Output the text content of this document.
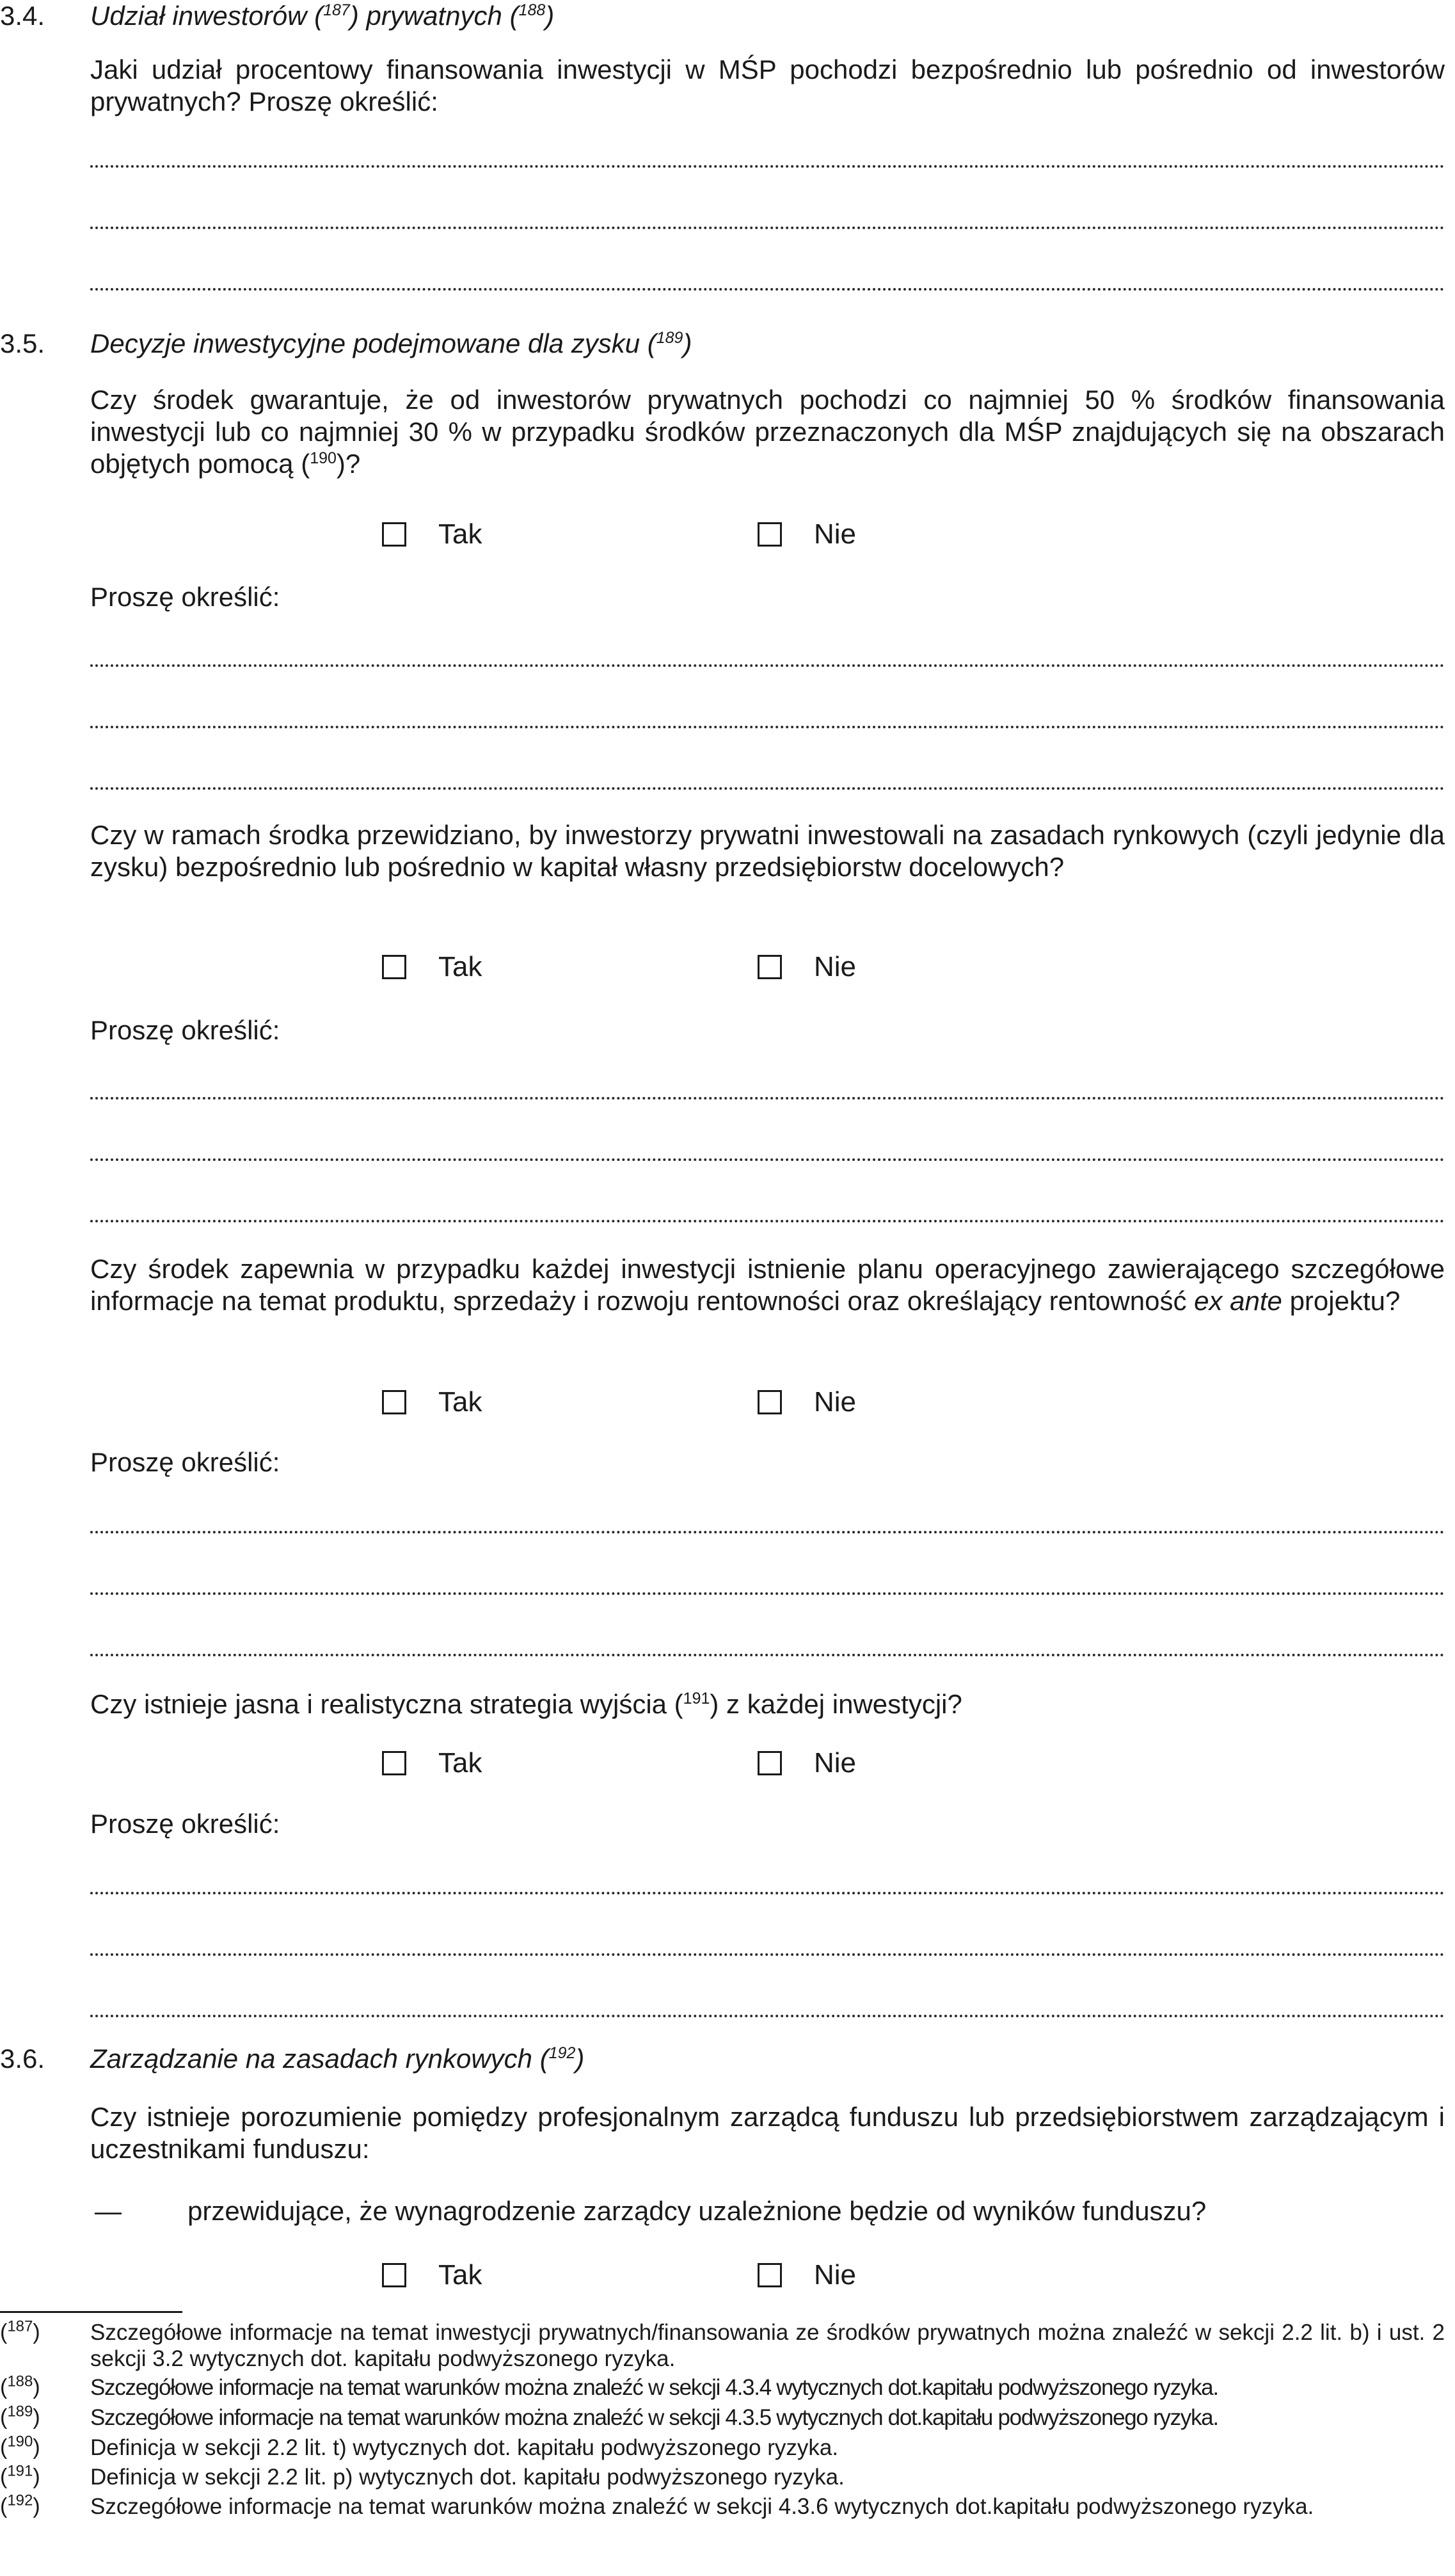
3.4. Udział inwestorów ($^{187}$) prywatnych ($^{188}$)
Jaki udział procentowy finansowania inwestycji w MŚP pochodzi bezpośrednio lub pośrednio od inwestorów prywatnych? Proszę określić:
3.5. Decyzje inwestycyjne podejmowane dla zysku ($^{189}$)
Czy środek gwarantuje, że od inwestorów prywatnych pochodzi co najmniej 50 % środków finansowania inwestycji lub co najmniej 30 % w przypadku środków przeznaczonych dla MŚP znajdujących się na obszarach objętych pomocą ($^{190}$)?
Tak	Nie
Proszę określić:
Czy w ramach środka przewidziano, by inwestorzy prywatni inwestowali na zasadach rynkowych (czyli jedynie dla zysku) bezpośrednio lub pośrednio w kapitał własny przedsiębiorstw docelowych?
Tak	Nie
Proszę określić:
Czy środek zapewnia w przypadku każdej inwestycji istnienie planu operacyjnego zawierającego szczegółowe informacje na temat produktu, sprzedaży i rozwoju rentowności oraz określający rentowność ex ante projektu?
Tak	Nie
Proszę określić:
Czy istnieje jasna i realistyczna strategia wyjścia ($^{191}$) z każdej inwestycji?
Tak	Nie
Proszę określić:
3.6. Zarządzanie na zasadach rynkowych ($^{192}$)
Czy istnieje porozumienie pomiędzy profesjonalnym zarządcą funduszu lub przedsiębiorstwem zarządzającym i uczestnikami funduszu:
— przewidujące, że wynagrodzenie zarządcy uzależnione będzie od wyników funduszu?
Tak	Nie
($^{187}$) Szczegółowe informacje na temat inwestycji prywatnych/finansowania ze środków prywatnych można znaleźć w sekcji 2.2 lit. b) i ust. 2 sekcji 3.2 wytycznych dot. kapitału podwyższonego ryzyka.
($^{188}$) Szczegółowe informacje na temat warunków można znaleźć w sekcji 4.3.4 wytycznych dot.kapitału podwyższonego ryzyka.
($^{189}$) Szczegółowe informacje na temat warunków można znaleźć w sekcji 4.3.5 wytycznych dot.kapitału podwyższonego ryzyka.
($^{190}$) Definicja w sekcji 2.2 lit. t) wytycznych dot. kapitału podwyższonego ryzyka.
($^{191}$) Definicja w sekcji 2.2 lit. p) wytycznych dot. kapitału podwyższonego ryzyka.
($^{192}$) Szczegółowe informacje na temat warunków można znaleźć w sekcji 4.3.6 wytycznych dot.kapitału podwyższonego ryzyka.
